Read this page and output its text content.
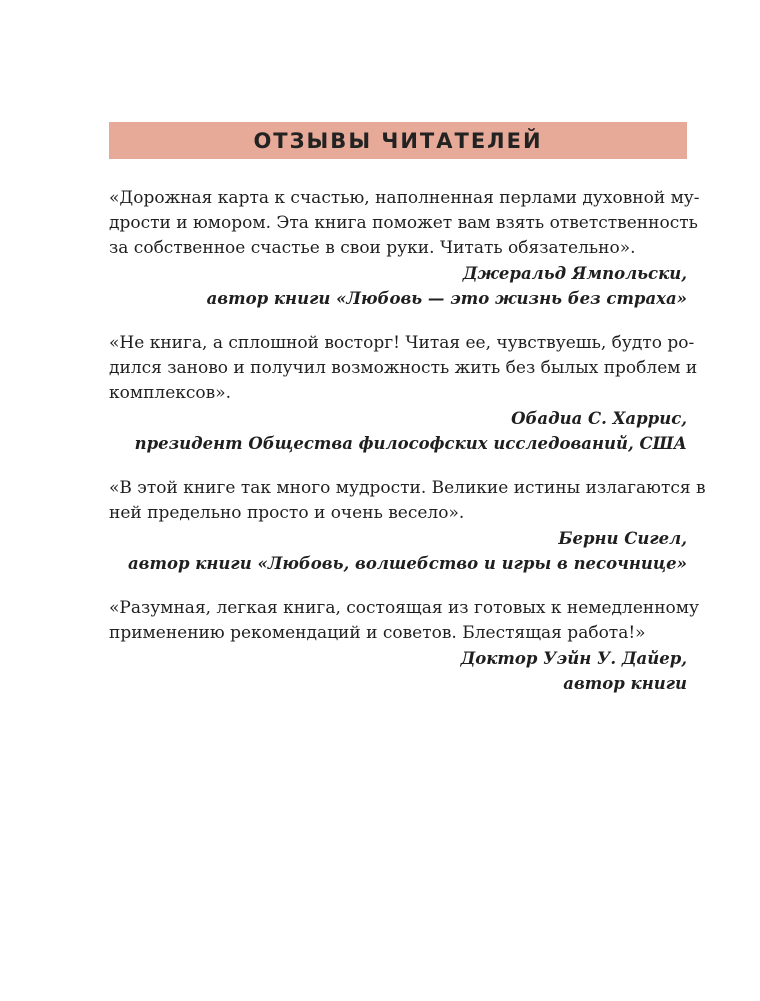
ОТЗЫВЫ ЧИТАТЕЛЕЙ
«Дорожная карта к счастью, наполненная перлами духовной му-
дрости и юмором. Эта книга поможет вам взять ответственность
за собственное счастье в свои руки. Читать обязательно».
Джеральд Ямпольски,
автор книги «Любовь — это жизнь без страха»
«Не книга, а сплошной восторг! Читая ее, чувствуешь, будто ро-
дился заново и получил возможность жить без былых проблем и
комплексов».
Обадиа С. Харрис,
президент Общества философских исследований, США
«В этой книге так много мудрости. Великие истины излагаются в
ней предельно просто и очень весело».
Берни Сигел,
автор книги «Любовь, волшебство и игры в песочнице»
«Разумная, легкая книга, состоящая из готовых к немедленному
применению рекомендаций и советов. Блестящая работа!»
Доктор Уэйн У. Дайер,
автор книги
